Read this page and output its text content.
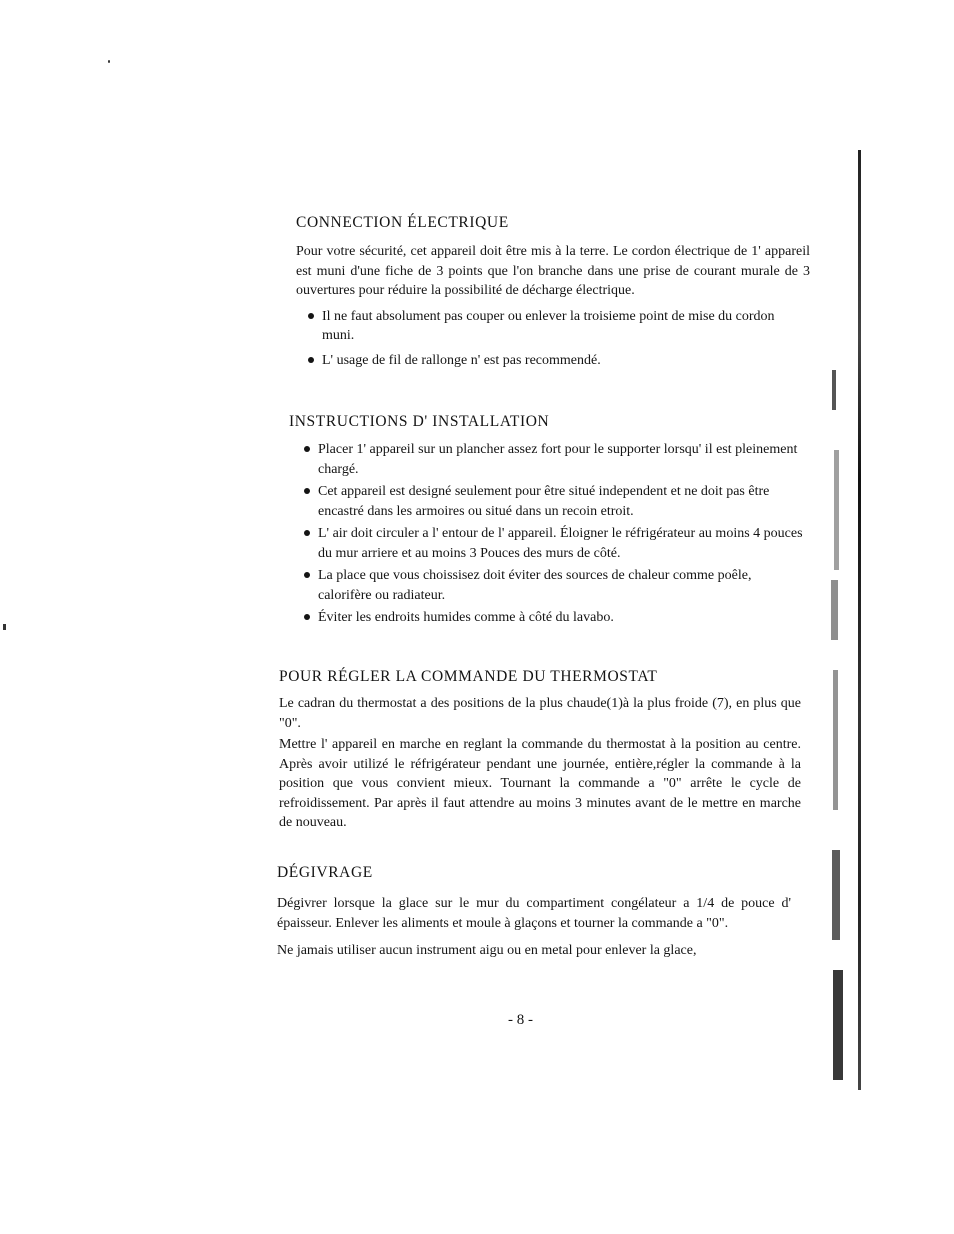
CONNECTION ÉLECTRIQUE

Pour votre sécurité, cet appareil doit être mis à la terre. Le cordon électrique de 1' appareil est muni d'une fiche de 3 points que l'on branche dans une prise de courant murale de 3 ouvertures pour réduire la possibilité de décharge électrique.

Il ne faut absolument pas couper ou enlever la troisieme point de mise du cordon muni.
L' usage de fil de rallonge n' est pas recommendé.
INSTRUCTIONS D' INSTALLATION
Placer 1' appareil sur un plancher assez fort pour le supporter lorsqu' il est pleinement chargé.
Cet appareil est designé seulement pour être situé independent et ne doit pas être encastré dans les armoires ou situé dans un recoin etroit.
L' air doit circuler a l' entour de l' appareil. Éloigner le réfrigérateur au moins 4 pouces du mur arriere et au moins 3 Pouces des murs de côté.
La place que vous choissisez doit éviter des sources de chaleur comme poêle, calorifère ou radiateur.
Éviter les endroits humides comme à côté du lavabo.
POUR RÉGLER LA COMMANDE DU THERMOSTAT

Le cadran du thermostat a des positions de la plus chaude(1)à la plus froide (7), en plus que "0".

Mettre l' appareil en marche en reglant la commande du thermostat à la position au centre. Après avoir utilizé le réfrigérateur pendant une journée, entière,régler la commande à la position que vous convient mieux. Tournant la commande a "0" arrête le cycle de refroidissement. Par après il faut attendre au moins 3 minutes avant de le mettre en marche de nouveau.

DÉGIVRAGE

Dégivrer lorsque la glace sur le mur du compartiment congélateur a 1/4 de pouce d' épaisseur. Enlever les aliments et moule à glaçons et tourner la commande a "0".

Ne jamais utiliser aucun instrument aigu ou en metal pour enlever la glace,

- 8 -
